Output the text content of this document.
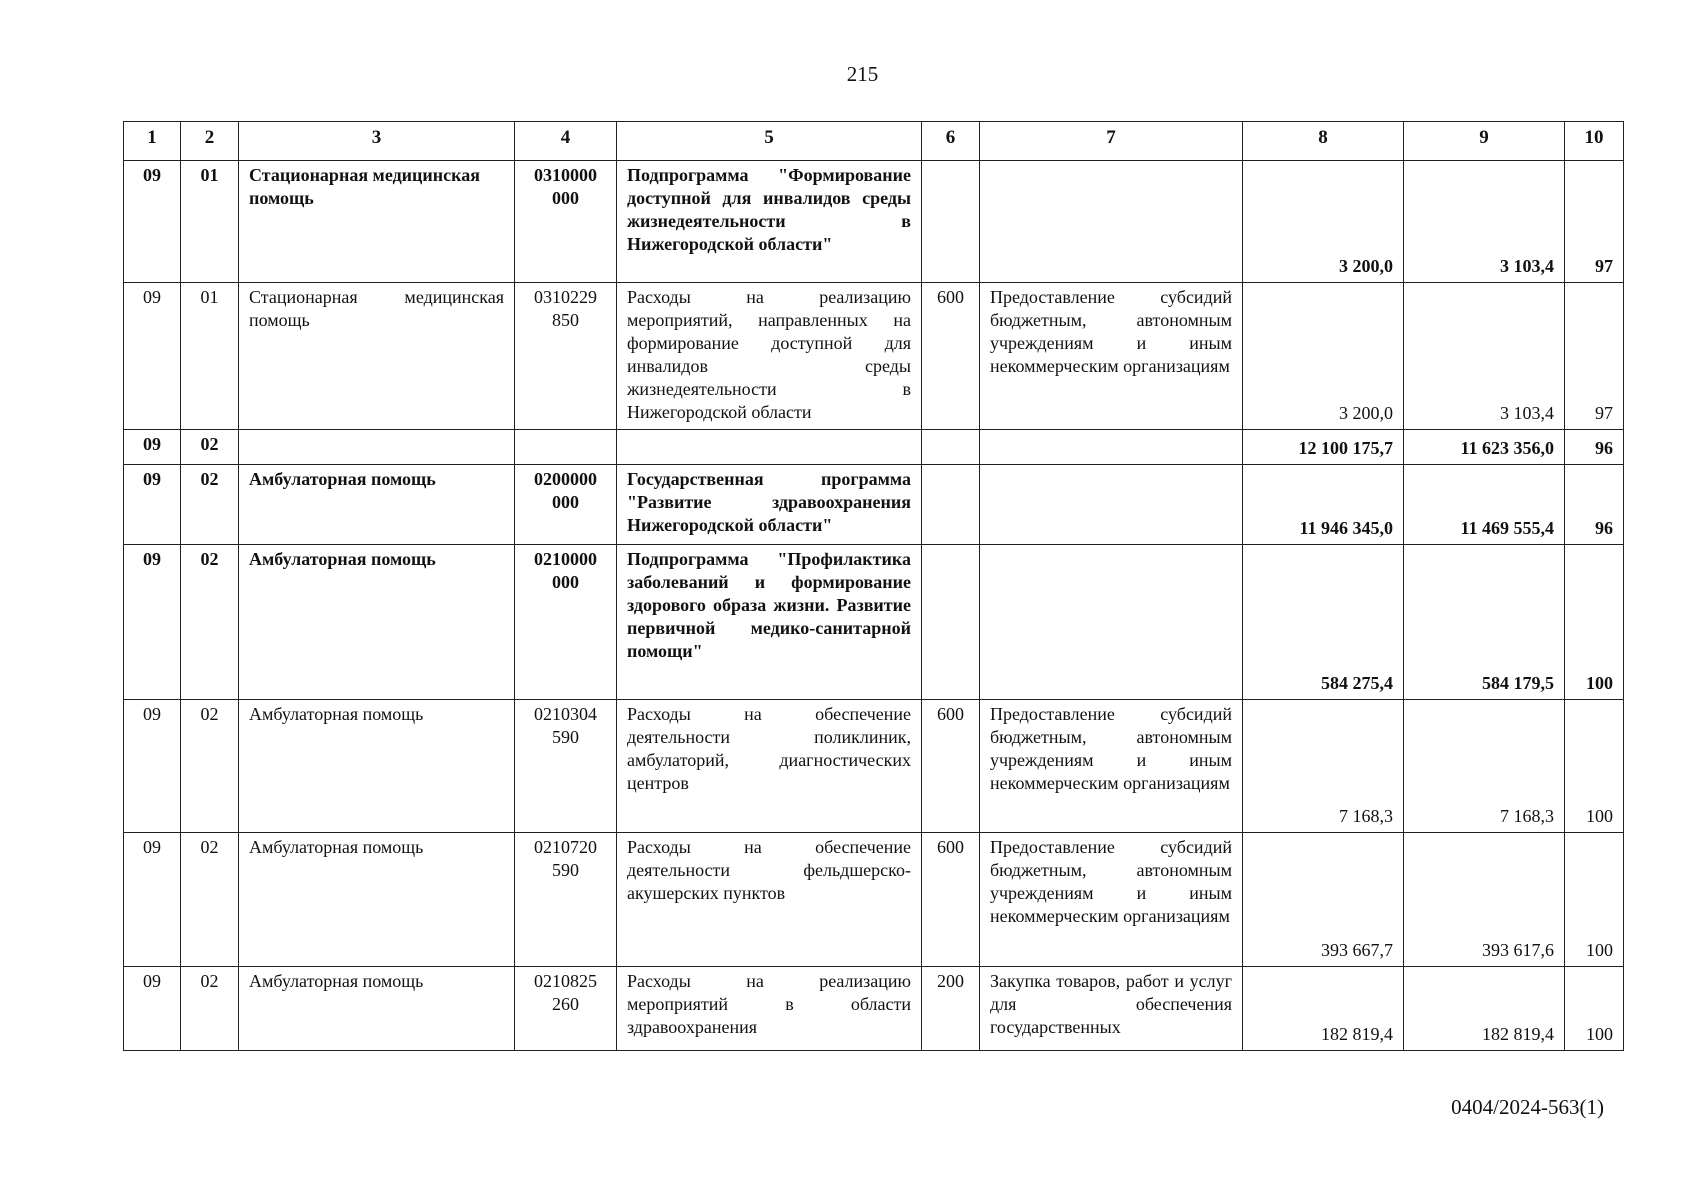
215
1	2	3	4	5	6	7	8	9	10
09	01	Стационарная медицинская помощь	0310000 000	Подпрограмма "Формирование доступной для инвалидов среды жизнедеятельности в Нижегородской области"			3 200,0	3 103,4	97
09	01	Стационарная медицинская помощь	0310229 850	Расходы на реализацию мероприятий, направленных на формирование доступной для инвалидов среды жизнедеятельности в Нижегородской области	600	Предоставление субсидий бюджетным, автономным учреждениям и иным некоммерческим организациям	3 200,0	3 103,4	97
09	02						12 100 175,7	11 623 356,0	96
09	02	Амбулаторная помощь	0200000 000	Государственная программа "Развитие здравоохранения Нижегородской области"			11 946 345,0	11 469 555,4	96
09	02	Амбулаторная помощь	0210000 000	Подпрограмма "Профилактика заболеваний и формирование здорового образа жизни. Развитие первичной медико-санитарной помощи"			584 275,4	584 179,5	100
09	02	Амбулаторная помощь	0210304 590	Расходы на обеспечение деятельности поликлиник, амбулаторий, диагностических центров	600	Предоставление субсидий бюджетным, автономным учреждениям и иным некоммерческим организациям	7 168,3	7 168,3	100
09	02	Амбулаторная помощь	0210720 590	Расходы на обеспечение деятельности фельдшерско-акушерских пунктов	600	Предоставление субсидий бюджетным, автономным учреждениям и иным некоммерческим организациям	393 667,7	393 617,6	100
09	02	Амбулаторная помощь	0210825 260	Расходы на реализацию мероприятий в области здравоохранения	200	Закупка товаров, работ и услуг для обеспечения государственных	182 819,4	182 819,4	100
0404/2024-563(1)
